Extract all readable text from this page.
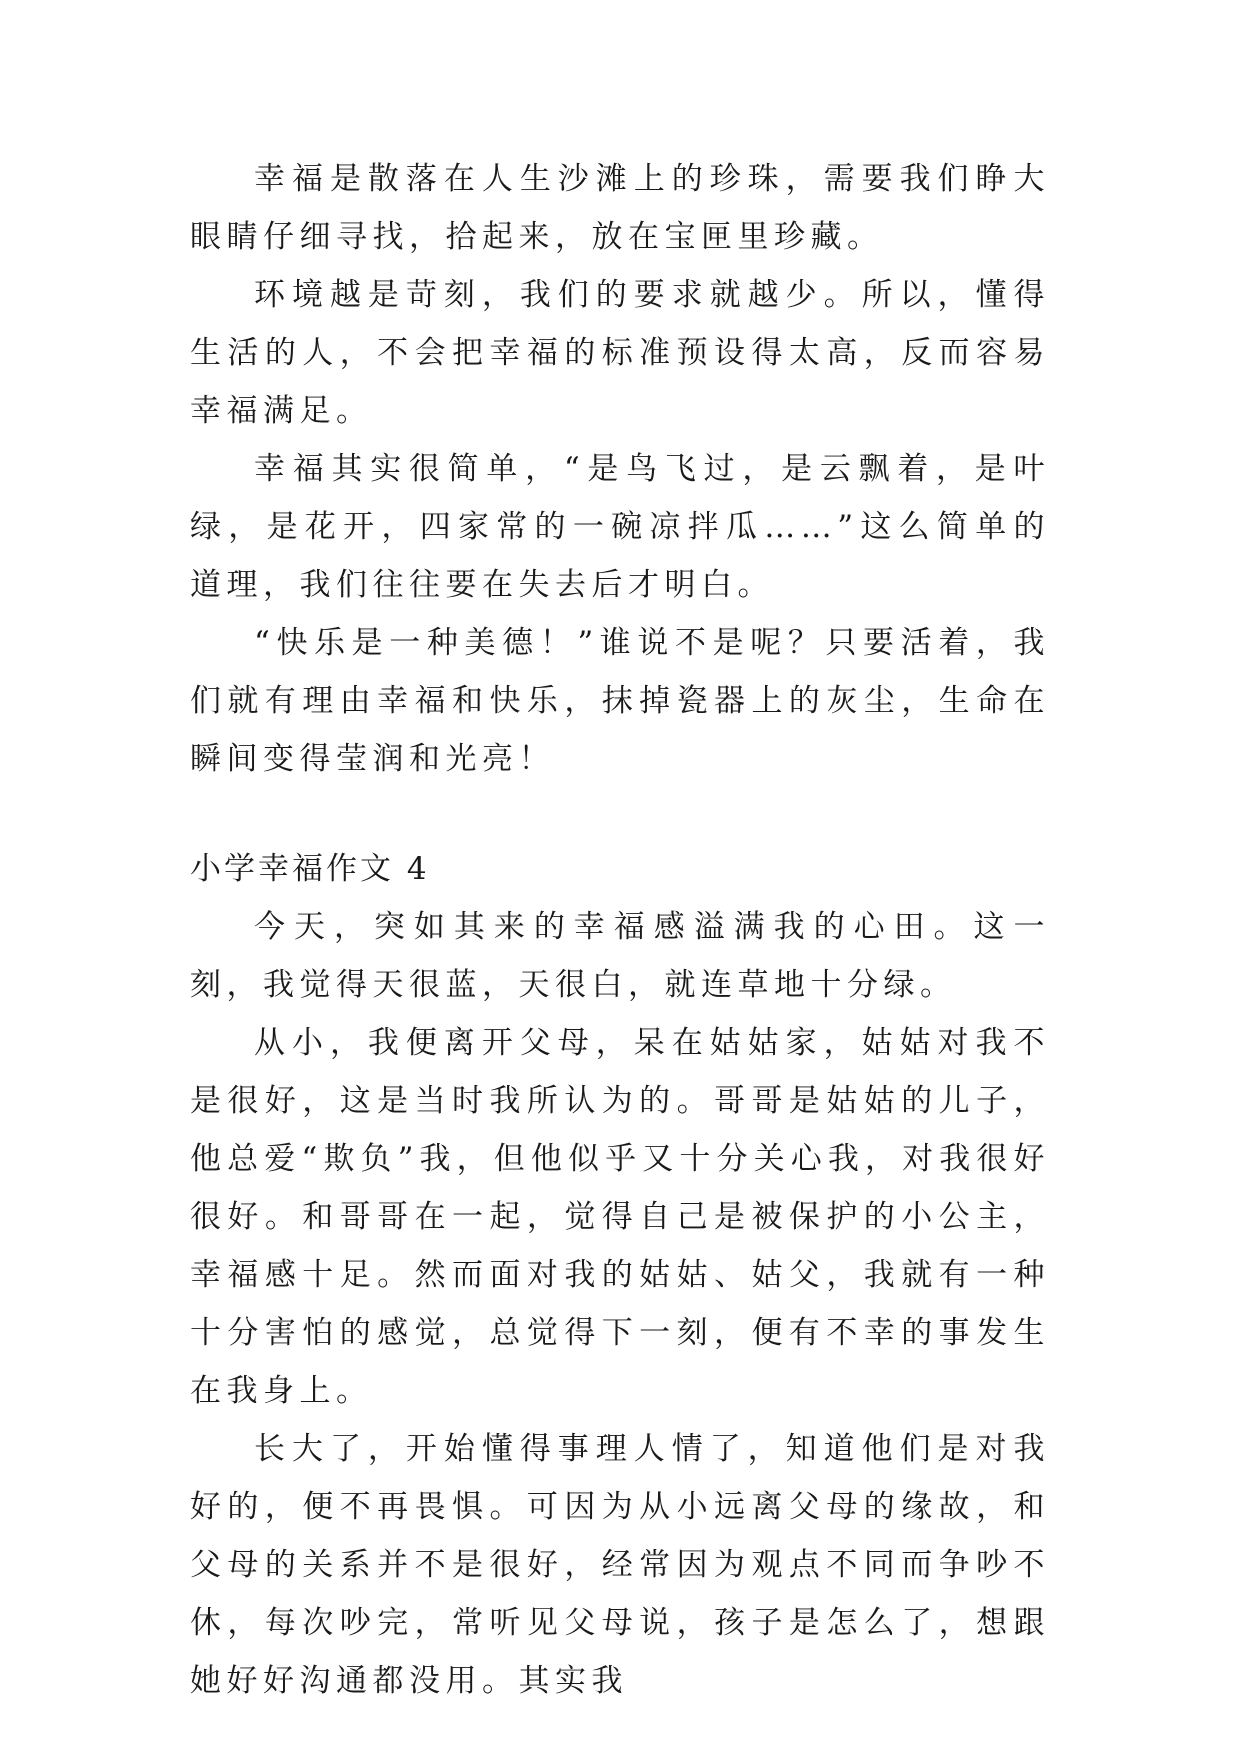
幸福是散落在人生沙滩上的珍珠，需要我们睁大眼睛仔细寻找，拾起来，放在宝匣里珍藏。

环境越是苛刻，我们的要求就越少。所以，懂得生活的人，不会把幸福的标准预设得太高，反而容易幸福满足。

幸福其实很简单，“是鸟飞过，是云飘着，是叶绿，是花开，四家常的一碗凉拌瓜……”这么简单的道理，我们往往要在失去后才明白。

“快乐是一种美德！”谁说不是呢？只要活着，我们就有理由幸福和快乐，抹掉瓷器上的灰尘，生命在瞬间变得莹润和光亮！

小学幸福作文 4

今天，突如其来的幸福感溢满我的心田。这一刻，我觉得天很蓝，天很白，就连草地十分绿。

从小，我便离开父母，呆在姑姑家，姑姑对我不是很好，这是当时我所认为的。哥哥是姑姑的儿子，他总爱“欺负”我，但他似乎又十分关心我，对我很好很好。和哥哥在一起，觉得自己是被保护的小公主，幸福感十足。然而面对我的姑姑、姑父，我就有一种十分害怕的感觉，总觉得下一刻，便有不幸的事发生在我身上。

长大了，开始懂得事理人情了，知道他们是对我好的，便不再畏惧。可因为从小远离父母的缘故，和父母的关系并不是很好，经常因为观点不同而争吵不休，每次吵完，常听见父母说，孩子是怎么了，想跟她好好沟通都没用。其实我
